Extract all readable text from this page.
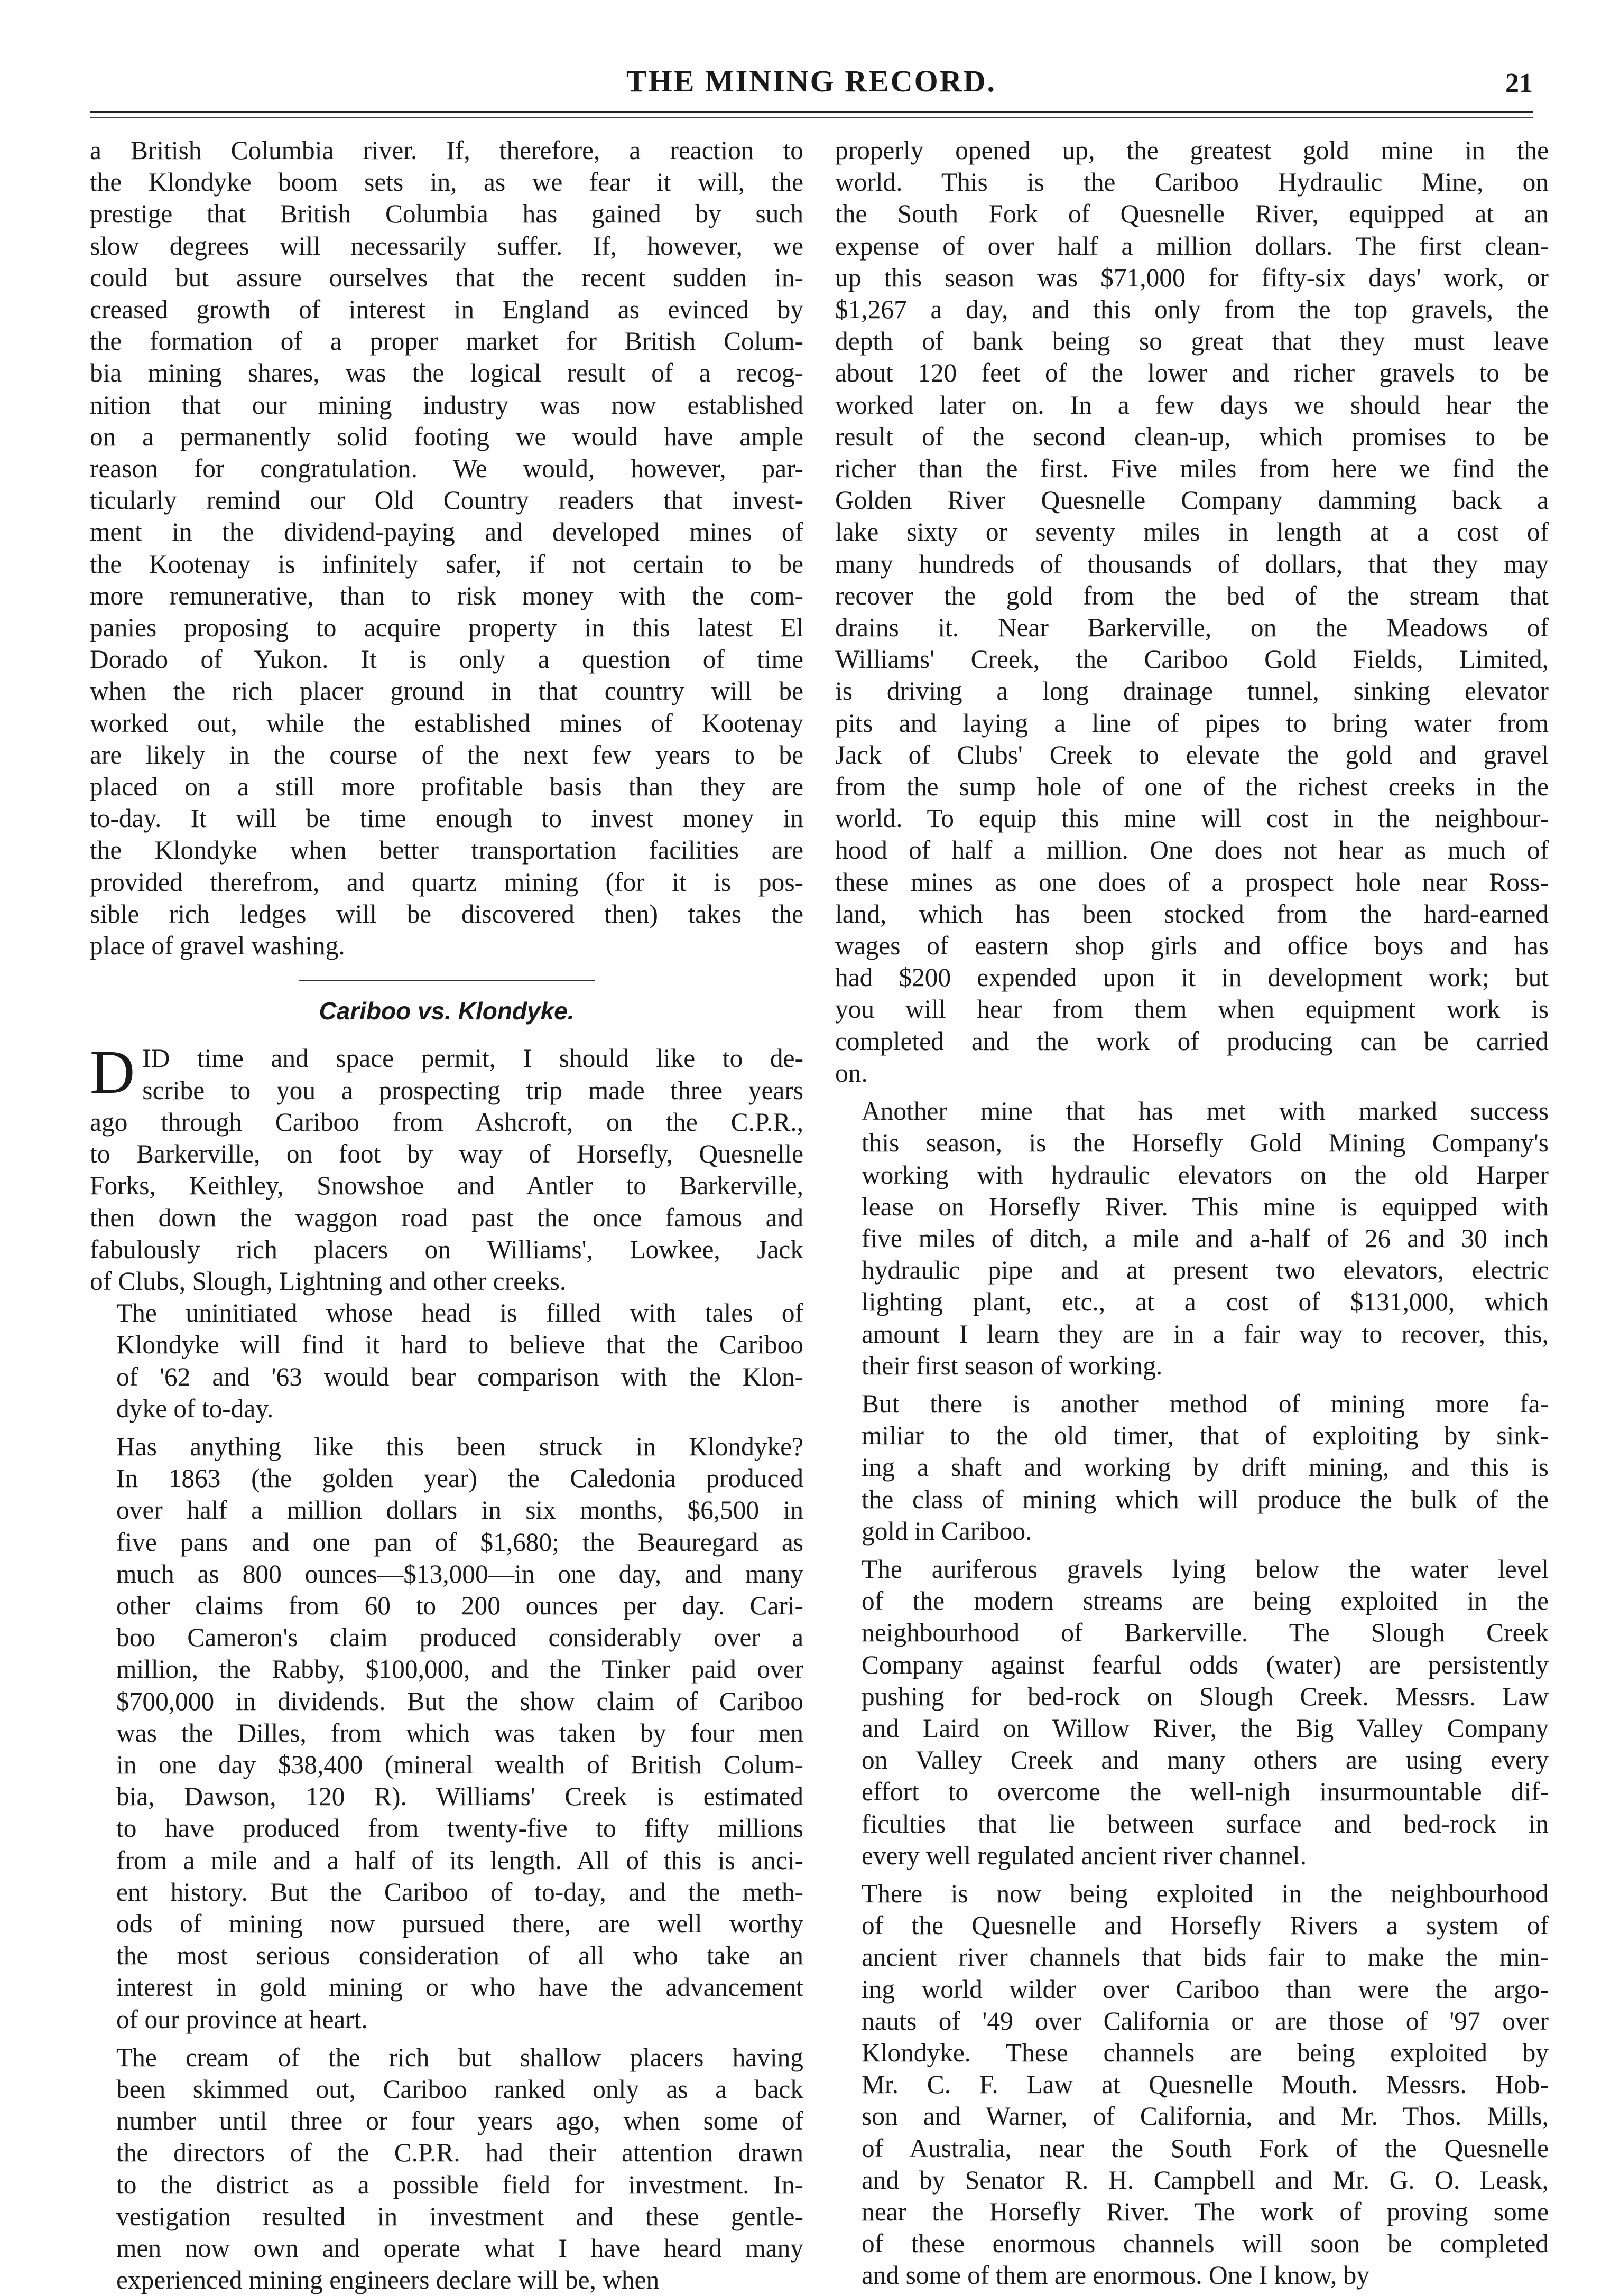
THE MINING RECORD.	21

a British Columbia river. If, therefore, a reaction to
the Klondyke boom sets in, as we fear it will, the
prestige that British Columbia has gained by such
slow degrees will necessarily suffer. If, however, we
could but assure ourselves that the recent sudden in-
creased growth of interest in England as evinced by
the formation of a proper market for British Colum-
bia mining shares, was the logical result of a recog-
nition that our mining industry was now established
on a permanently solid footing we would have ample
reason for congratulation. We would, however, par-
ticularly remind our Old Country readers that invest-
ment in the dividend-paying and developed mines of
the Kootenay is infinitely safer, if not certain to be
more remunerative, than to risk money with the com-
panies proposing to acquire property in this latest El
Dorado of Yukon. It is only a question of time
when the rich placer ground in that country will be
worked out, while the established mines of Kootenay
are likely in the course of the next few years to be
placed on a still more profitable basis than they are
to-day. It will be time enough to invest money in
the Klondyke when better transportation facilities are
provided therefrom, and quartz mining (for it is pos-
sible rich ledges will be discovered then) takes the
place of gravel washing.

Cariboo vs. Klondyke.

D ID time and space permit, I should like to de-
scribe to you a prospecting trip made three years
ago through Cariboo from Ashcroft, on the C.P.R.,
to Barkerville, on foot by way of Horsefly, Quesnelle
Forks, Keithley, Snowshoe and Antler to Barkerville,
then down the waggon road past the once famous and
fabulously rich placers on Williams', Lowkee, Jack
of Clubs, Slough, Lightning and other creeks.

The uninitiated whose head is filled with tales of
Klondyke will find it hard to believe that the Cariboo
of '62 and '63 would bear comparison with the Klon-
dyke of to-day.

Has anything like this been struck in Klondyke?
In 1863 (the golden year) the Caledonia produced
over half a million dollars in six months, $6,500 in
five pans and one pan of $1,680; the Beauregard as
much as 800 ounces—$13,000—in one day, and many
other claims from 60 to 200 ounces per day. Cari-
boo Cameron's claim produced considerably over a
million, the Rabby, $100,000, and the Tinker paid over
$700,000 in dividends. But the show claim of Cariboo
was the Dilles, from which was taken by four men
in one day $38,400 (mineral wealth of British Colum-
bia, Dawson, 120 R). Williams' Creek is estimated
to have produced from twenty-five to fifty millions
from a mile and a half of its length. All of this is anci-
ent history. But the Cariboo of to-day, and the meth-
ods of mining now pursued there, are well worthy
the most serious consideration of all who take an
interest in gold mining or who have the advancement
of our province at heart.

The cream of the rich but shallow placers having
been skimmed out, Cariboo ranked only as a back
number until three or four years ago, when some of
the directors of the C.P.R. had their attention drawn
to the district as a possible field for investment. In-
vestigation resulted in investment and these gentle-
men now own and operate what I have heard many
experienced mining engineers declare will be, when

properly opened up, the greatest gold mine in the
world. This is the Cariboo Hydraulic Mine, on
the South Fork of Quesnelle River, equipped at an
expense of over half a million dollars. The first clean-
up this season was $71,000 for fifty-six days' work, or
$1,267 a day, and this only from the top gravels, the
depth of bank being so great that they must leave
about 120 feet of the lower and richer gravels to be
worked later on. In a few days we should hear the
result of the second clean-up, which promises to be
richer than the first. Five miles from here we find the
Golden River Quesnelle Company damming back a
lake sixty or seventy miles in length at a cost of
many hundreds of thousands of dollars, that they may
recover the gold from the bed of the stream that
drains it. Near Barkerville, on the Meadows of
Williams' Creek, the Cariboo Gold Fields, Limited,
is driving a long drainage tunnel, sinking elevator
pits and laying a line of pipes to bring water from
Jack of Clubs' Creek to elevate the gold and gravel
from the sump hole of one of the richest creeks in the
world. To equip this mine will cost in the neighbour-
hood of half a million. One does not hear as much of
these mines as one does of a prospect hole near Ross-
land, which has been stocked from the hard-earned
wages of eastern shop girls and office boys and has
had $200 expended upon it in development work; but
you will hear from them when equipment work is
completed and the work of producing can be carried
on.

Another mine that has met with marked success
this season, is the Horsefly Gold Mining Company's
working with hydraulic elevators on the old Harper
lease on Horsefly River. This mine is equipped with
five miles of ditch, a mile and a-half of 26 and 30 inch
hydraulic pipe and at present two elevators, electric
lighting plant, etc., at a cost of $131,000, which
amount I learn they are in a fair way to recover, this,
their first season of working.

But there is another method of mining more fa-
miliar to the old timer, that of exploiting by sink-
ing a shaft and working by drift mining, and this is
the class of mining which will produce the bulk of the
gold in Cariboo.

The auriferous gravels lying below the water level
of the modern streams are being exploited in the
neighbourhood of Barkerville. The Slough Creek
Company against fearful odds (water) are persistently
pushing for bed-rock on Slough Creek. Messrs. Law
and Laird on Willow River, the Big Valley Company
on Valley Creek and many others are using every
effort to overcome the well-nigh insurmountable dif-
ficulties that lie between surface and bed-rock in
every well regulated ancient river channel.

There is now being exploited in the neighbourhood
of the Quesnelle and Horsefly Rivers a system of
ancient river channels that bids fair to make the min-
ing world wilder over Cariboo than were the argo-
nauts of '49 over California or are those of '97 over
Klondyke. These channels are being exploited by
Mr. C. F. Law at Quesnelle Mouth. Messrs. Hob-
son and Warner, of California, and Mr. Thos. Mills,
of Australia, near the South Fork of the Quesnelle
and by Senator R. H. Campbell and Mr. G. O. Leask,
near the Horsefly River. The work of proving some
of these enormous channels will soon be completed
and some of them are enormous. One I know, by
